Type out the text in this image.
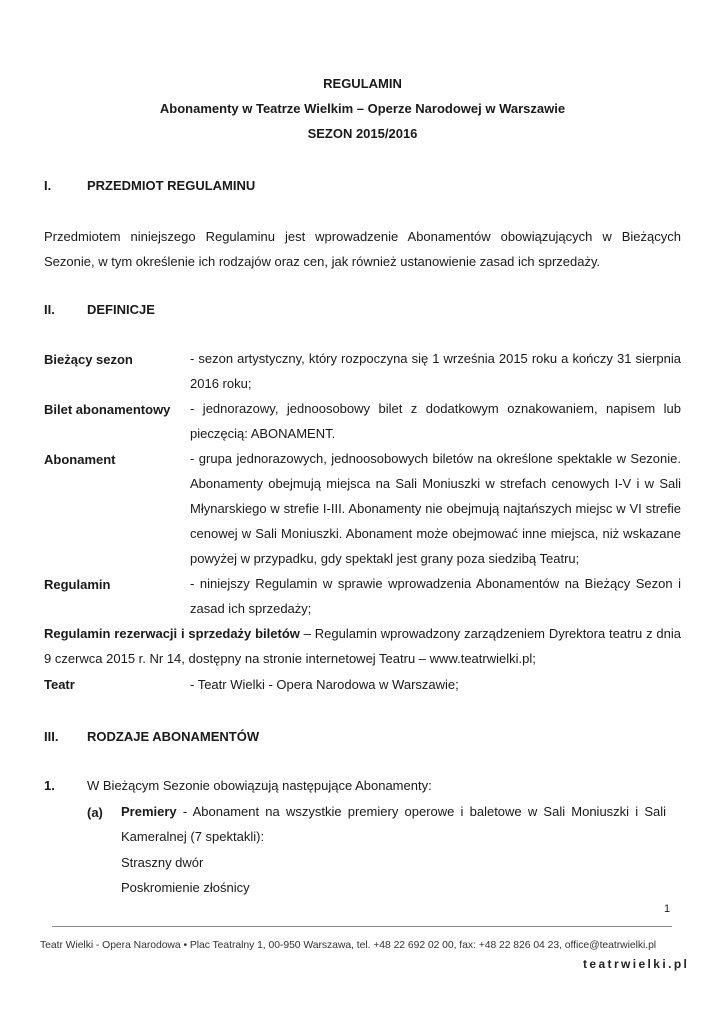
REGULAMIN
Abonamenty w Teatrze Wielkim – Operze Narodowej w Warszawie
SEZON 2015/2016
I.	PRZEDMIOT REGULAMINU
Przedmiotem niniejszego Regulaminu jest wprowadzenie Abonamentów obowiązujących w Bieżących Sezonie, w tym określenie ich rodzajów oraz cen, jak również ustanowienie zasad ich sprzedaży.
II. DEFINICJE
Bieżący sezon	- sezon artystyczny, który rozpoczyna się 1 września 2015 roku a kończy 31 sierpnia 2016 roku;
Bilet abonamentowy - jednorazowy, jednoosobowy bilet z dodatkowym oznakowaniem, napisem lub pieczęcią: ABONAMENT.
Abonament	- grupa jednorazowych, jednoosobowych biletów na określone spektakle w Sezonie. Abonamenty obejmują miejsca na Sali Moniuszki w strefach cenowych I-V i w Sali Młynarskiego w strefie I-III. Abonamenty nie obejmują najtańszych miejsc w VI strefie cenowej w Sali Moniuszki. Abonament może obejmować inne miejsca, niż wskazane powyżej w przypadku, gdy spektakl jest grany poza siedzibą Teatru;
Regulamin	- niniejszy Regulamin w sprawie wprowadzenia Abonamentów na Bieżący Sezon i zasad ich sprzedaży;
Regulamin rezerwacji i sprzedaży biletów – Regulamin wprowadzony zarządzeniem Dyrektora teatru z dnia 9 czerwca 2015 r. Nr 14, dostępny na stronie internetowej Teatru – www.teatrwielki.pl;
Teatr	- Teatr Wielki - Opera Narodowa w Warszawie;
III. RODZAJE ABONAMENTÓW
1. W Bieżącym Sezonie obowiązują następujące Abonamenty:
(a) Premiery - Abonament na wszystkie premiery operowe i baletowe w Sali Moniuszki i Sali Kameralnej (7 spektakli):
Straszny dwór
Poskromienie złośnicy
1
Teatr Wielki - Opera Narodowa • Plac Teatralny 1, 00-950 Warszawa, tel. +48 22 692 02 00, fax: +48 22 826 04 23, office@teatrwielki.pl
teatrwielki.pl
